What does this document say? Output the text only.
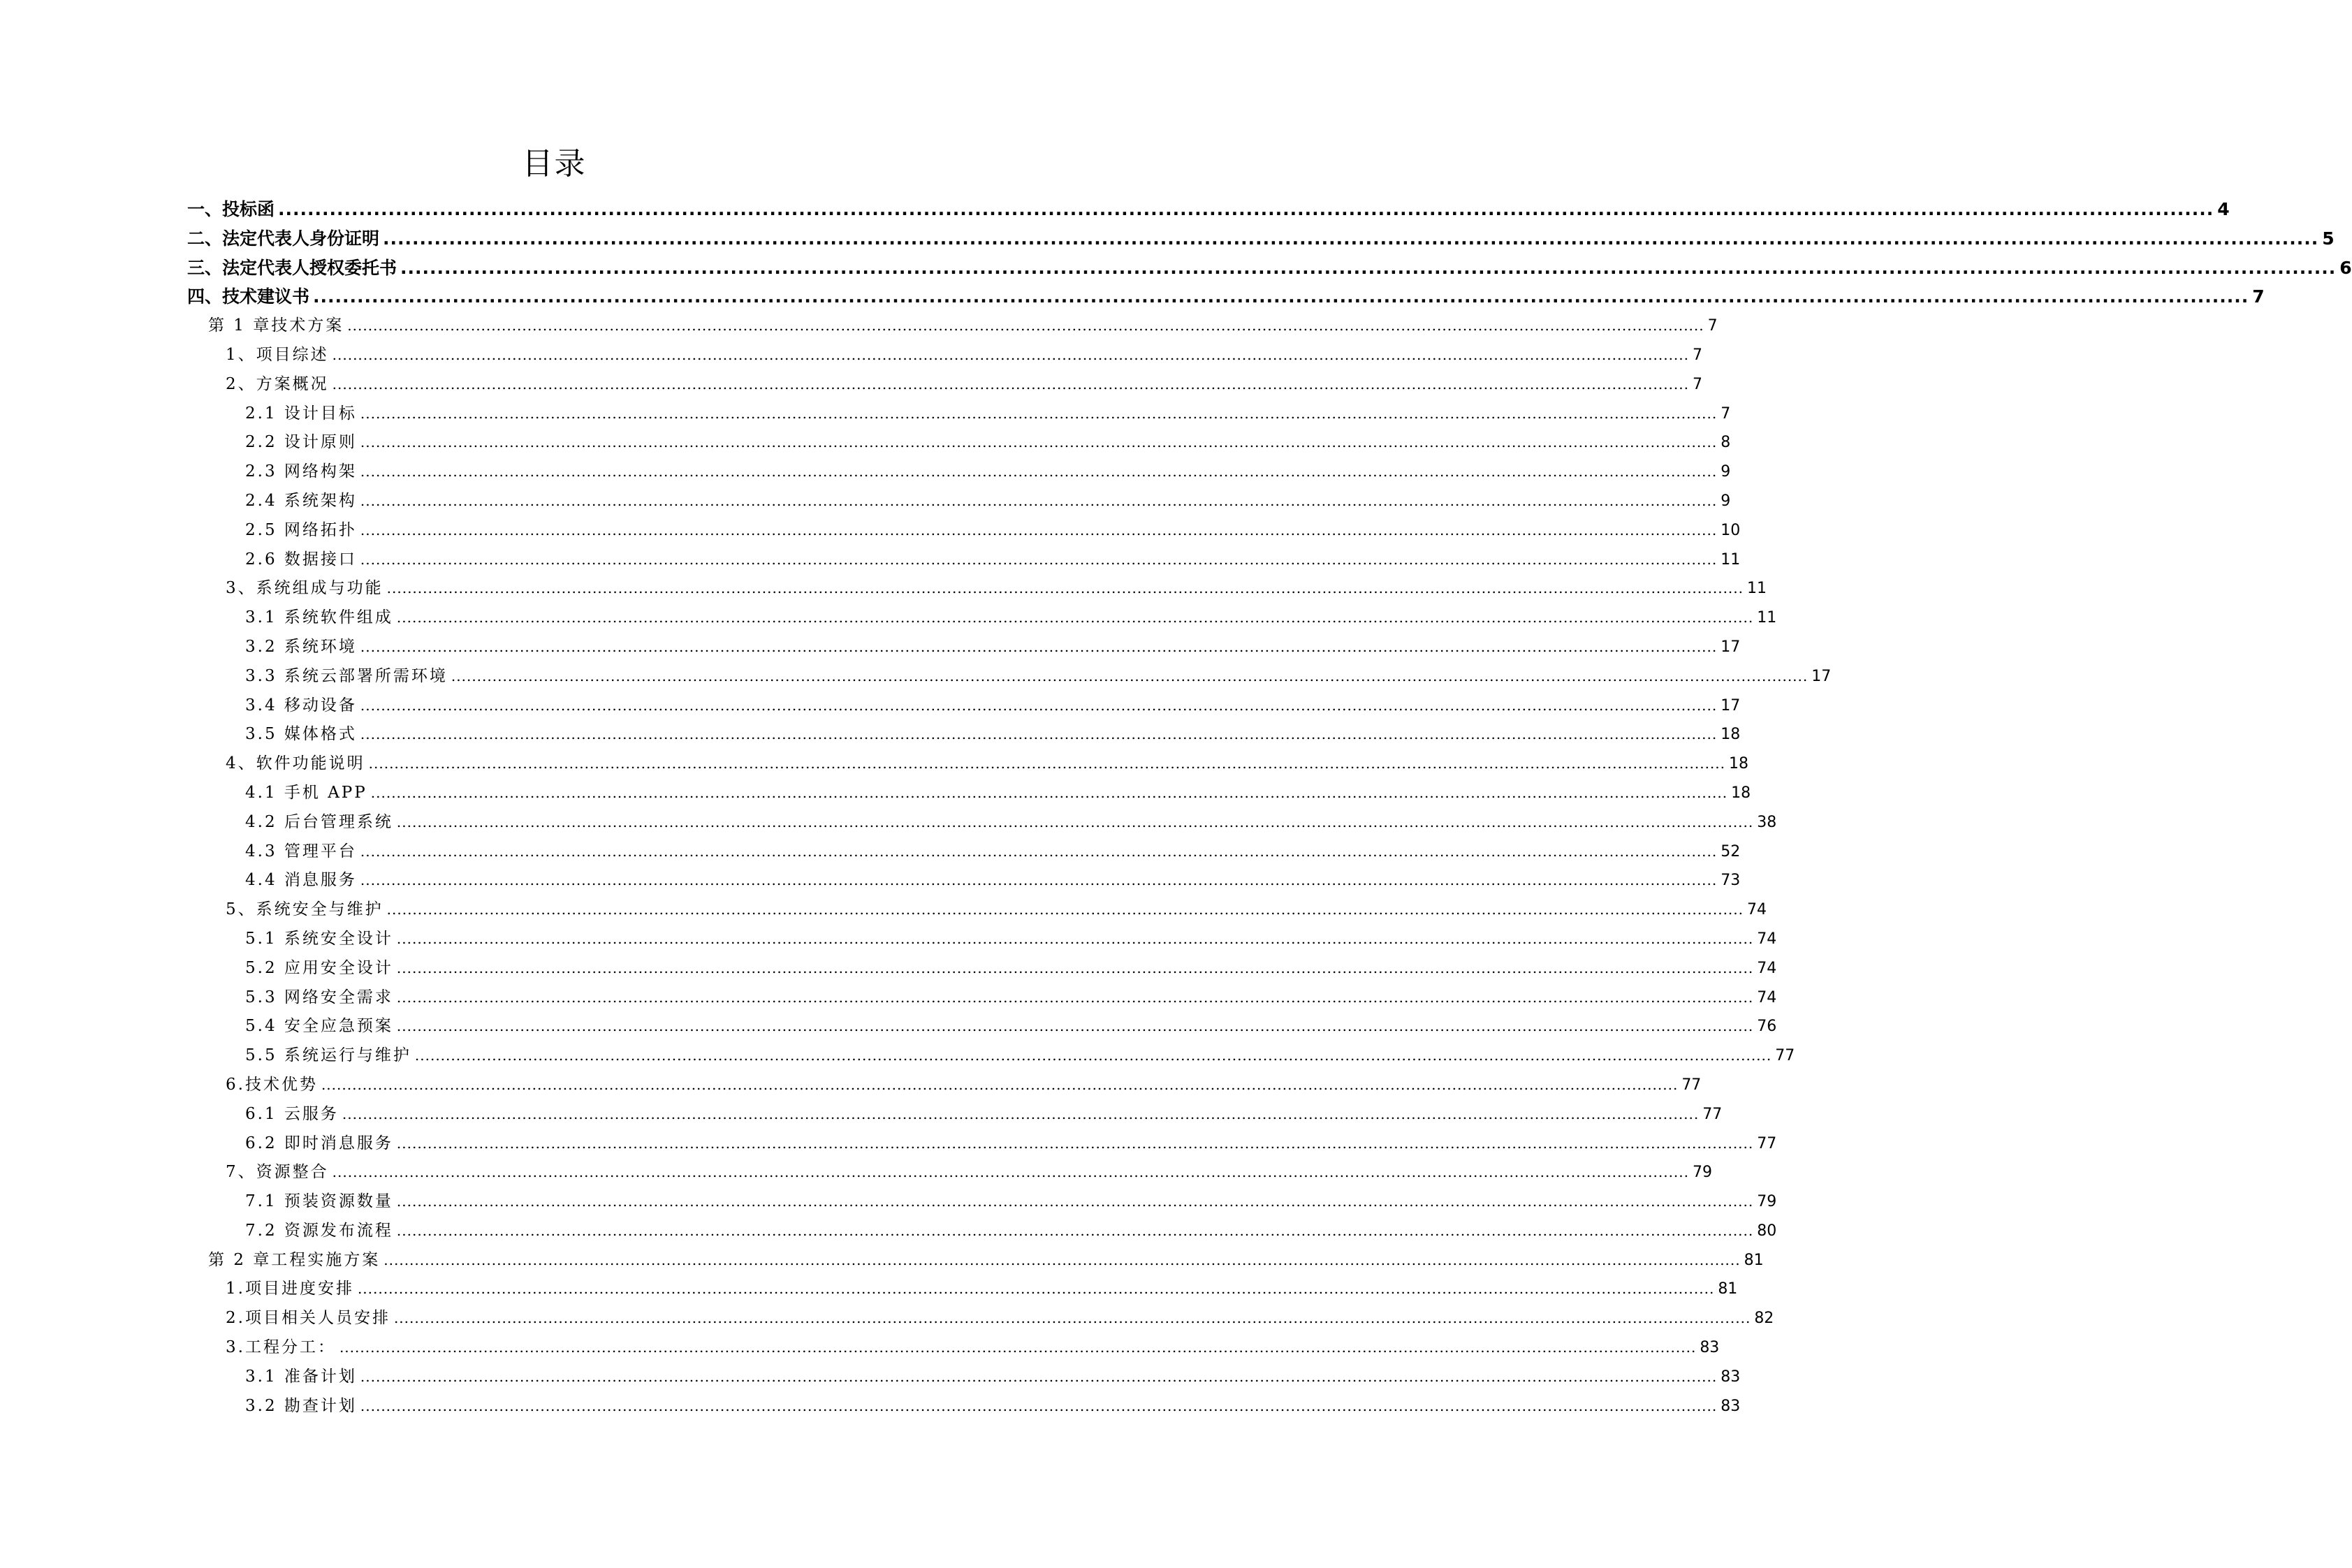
目录
一、投标函 ........................................................................................................................................................................................................................................................................ 4
二、法定代表人身份证明 ........................................................................................................................................................................................................................................................................ 5
三、法定代表人授权委托书 ........................................................................................................................................................................................................................................................................ 6
四、技术建议书 ........................................................................................................................................................................................................................................................................ 7
第 1 章技术方案 ........................................................................................................................................................................................................................................................................ 7
1、项目综述 ........................................................................................................................................................................................................................................................................ 7
2、方案概况 ........................................................................................................................................................................................................................................................................ 7
2.1 设计目标 ........................................................................................................................................................................................................................................................................ 7
2.2 设计原则 ........................................................................................................................................................................................................................................................................ 8
2.3 网络构架 ........................................................................................................................................................................................................................................................................ 9
2.4 系统架构 ........................................................................................................................................................................................................................................................................ 9
2.5 网络拓扑 ........................................................................................................................................................................................................................................................................ 10
2.6 数据接口 ........................................................................................................................................................................................................................................................................ 11
3、系统组成与功能 ........................................................................................................................................................................................................................................................................ 11
3.1 系统软件组成 ........................................................................................................................................................................................................................................................................ 11
3.2 系统环境 ........................................................................................................................................................................................................................................................................ 17
3.3 系统云部署所需环境 ........................................................................................................................................................................................................................................................................ 17
3.4 移动设备 ........................................................................................................................................................................................................................................................................ 17
3.5 媒体格式 ........................................................................................................................................................................................................................................................................ 18
4、软件功能说明 ........................................................................................................................................................................................................................................................................ 18
4.1 手机 APP ........................................................................................................................................................................................................................................................................ 18
4.2 后台管理系统 ........................................................................................................................................................................................................................................................................ 38
4.3 管理平台 ........................................................................................................................................................................................................................................................................ 52
4.4 消息服务 ........................................................................................................................................................................................................................................................................ 73
5、系统安全与维护 ........................................................................................................................................................................................................................................................................ 74
5.1 系统安全设计 ........................................................................................................................................................................................................................................................................ 74
5.2 应用安全设计 ........................................................................................................................................................................................................................................................................ 74
5.3 网络安全需求 ........................................................................................................................................................................................................................................................................ 74
5.4 安全应急预案 ........................................................................................................................................................................................................................................................................ 76
5.5 系统运行与维护 ........................................................................................................................................................................................................................................................................ 77
6.技术优势 ........................................................................................................................................................................................................................................................................ 77
6.1 云服务 ........................................................................................................................................................................................................................................................................ 77
6.2 即时消息服务 ........................................................................................................................................................................................................................................................................ 77
7、资源整合 ........................................................................................................................................................................................................................................................................ 79
7.1 预装资源数量 ........................................................................................................................................................................................................................................................................ 79
7.2 资源发布流程 ........................................................................................................................................................................................................................................................................ 80
第 2 章工程实施方案 ........................................................................................................................................................................................................................................................................ 81
1.项目进度安排 ........................................................................................................................................................................................................................................................................ 81
2.项目相关人员安排 ........................................................................................................................................................................................................................................................................ 82
3.工程分工： ........................................................................................................................................................................................................................................................................ 83
3.1 准备计划 ........................................................................................................................................................................................................................................................................ 83
3.2 勘查计划 ........................................................................................................................................................................................................................................................................ 83
